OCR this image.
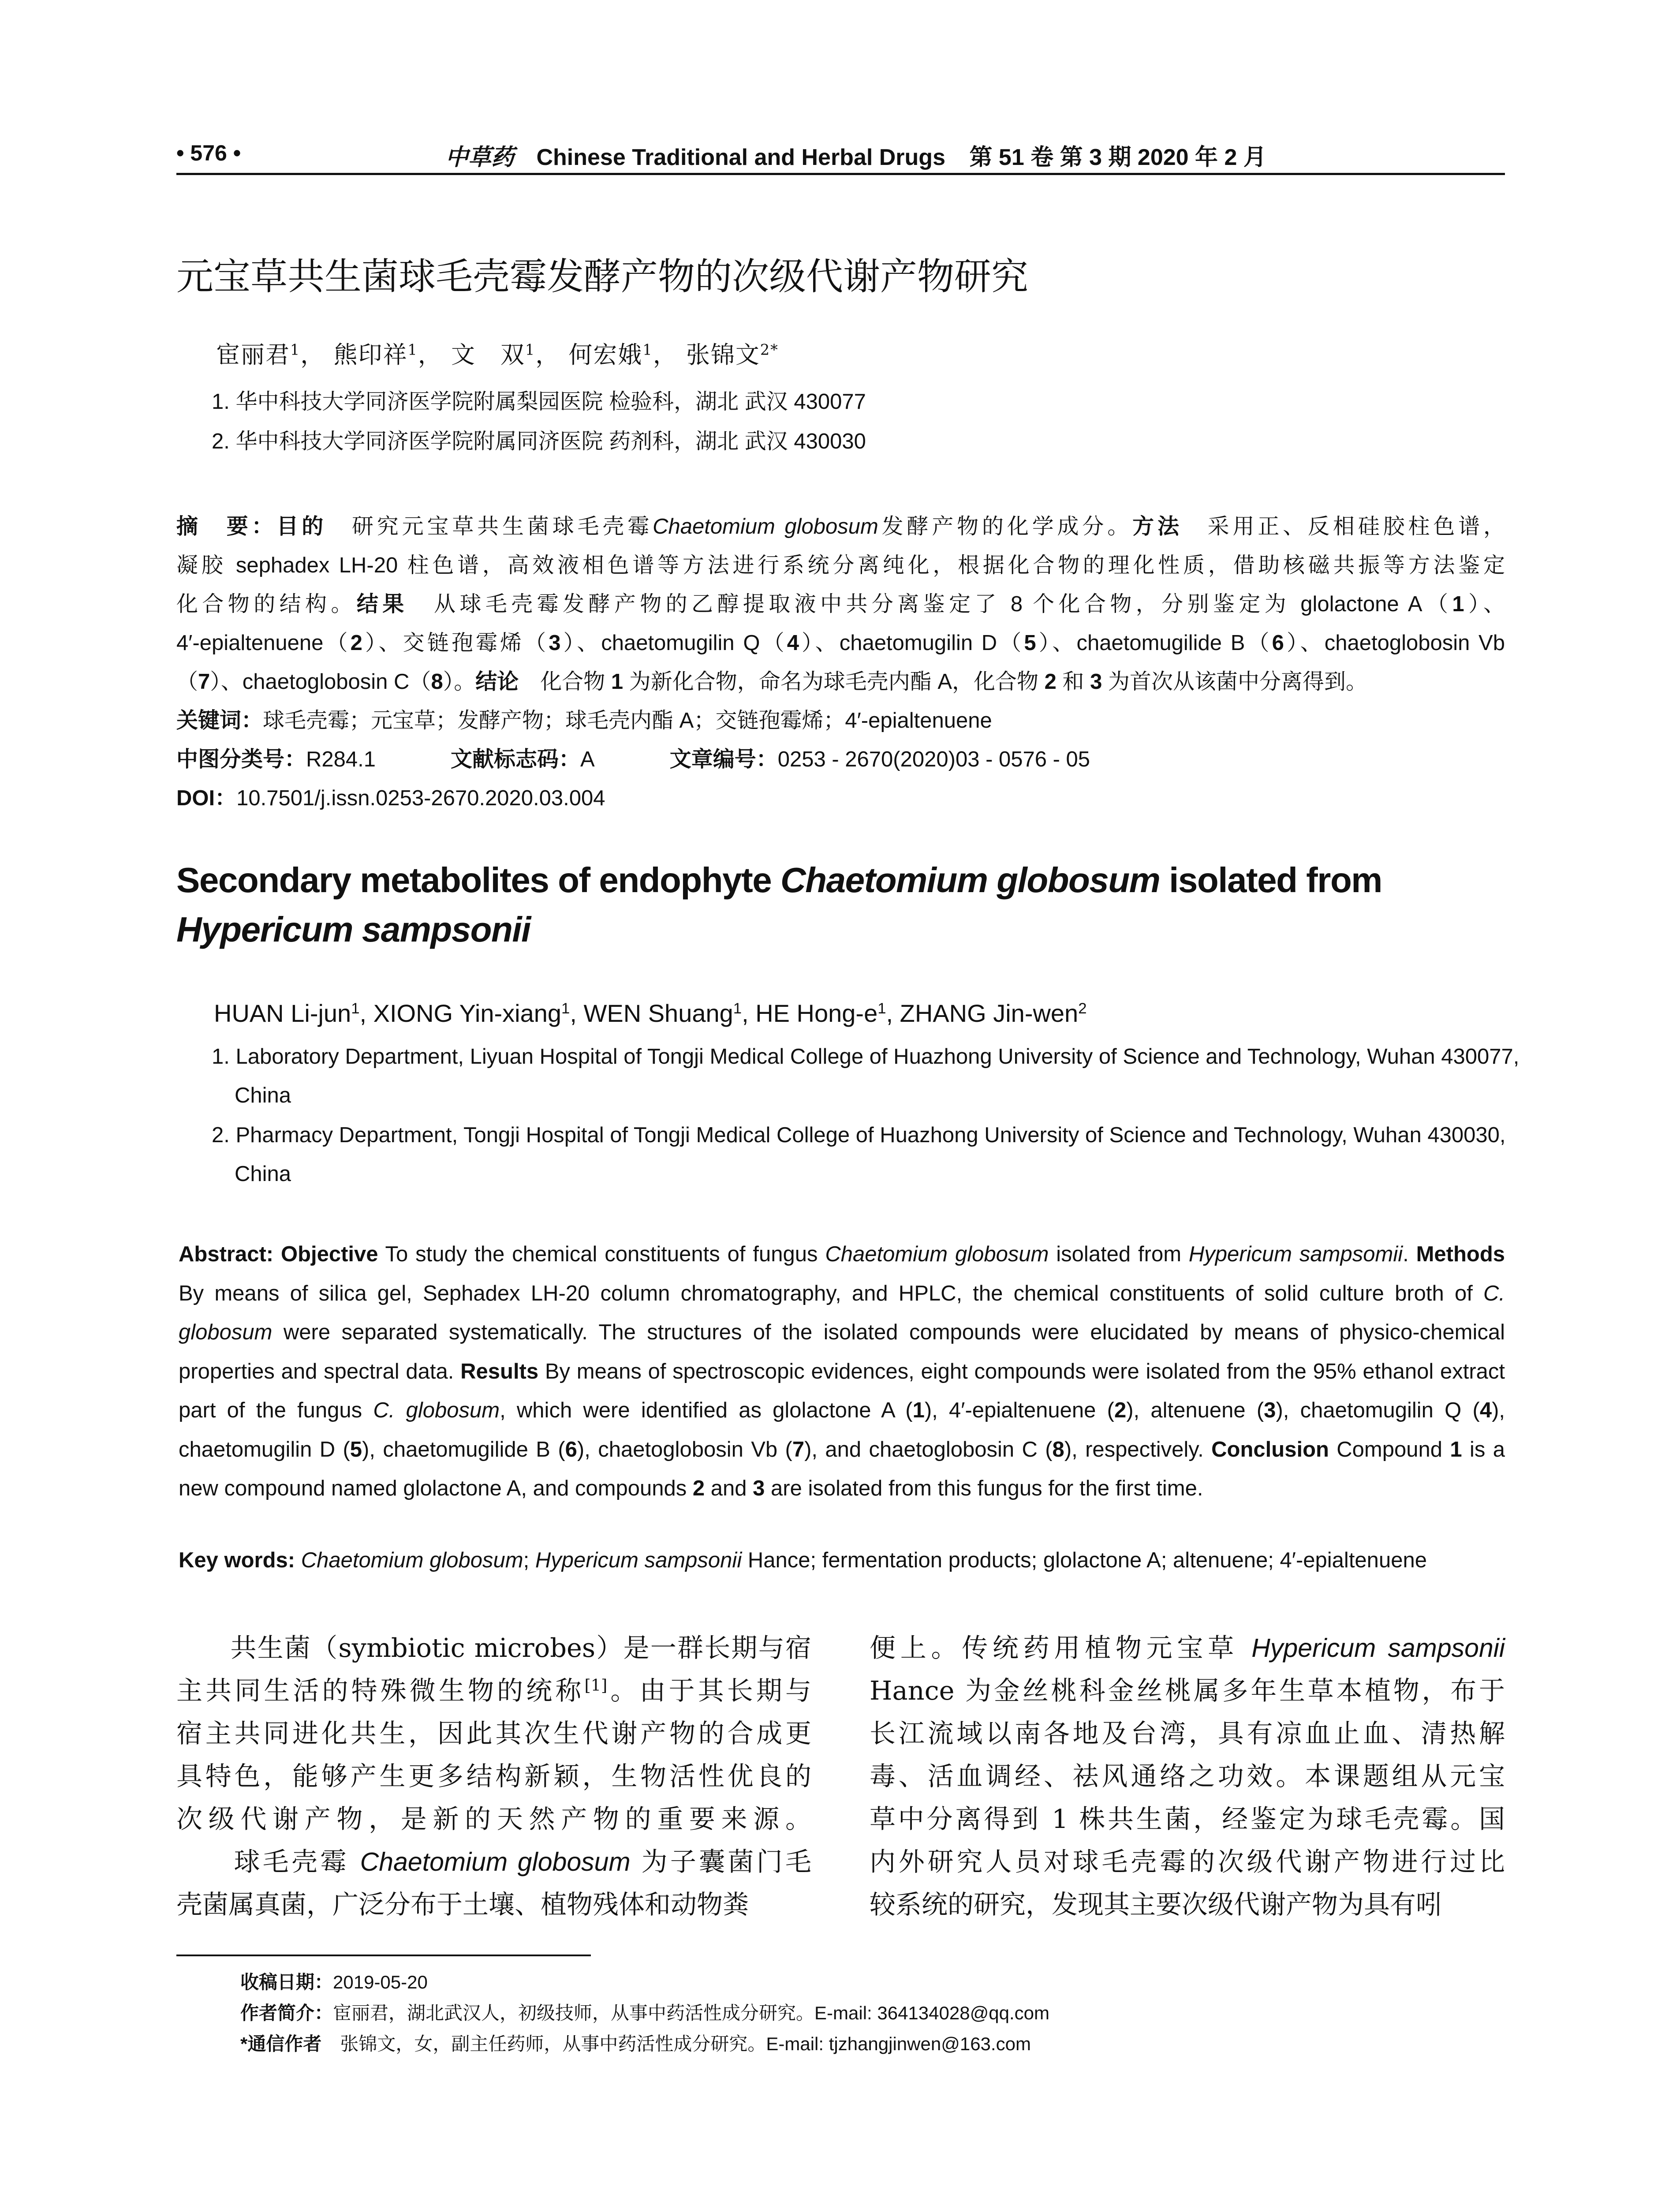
• 576 •	中草药 Chinese Traditional and Herbal Drugs 第 51 卷 第 3 期 2020 年 2 月
元宝草共生菌球毛壳霉发酵产物的次级代谢产物研究
宦丽君$^1$， 熊印祥$^1$， 文　双$^1$， 何宏娥$^1$， 张锦文$^{2*}$
1. 华中科技大学同济医学院附属梨园医院 检验科，湖北 武汉 430077
2. 华中科技大学同济医学院附属同济医院 药剂科，湖北 武汉 430030
摘　要：目的　研究元宝草共生菌球毛壳霉Chaetomium globosum发酵产物的化学成分。方法　采用正、反相硅胶柱色谱，
凝胶 sephadex LH-20 柱色谱，高效液相色谱等方法进行系统分离纯化，根据化合物的理化性质，借助核磁共振等方法鉴定
化合物的结构。结果　从球毛壳霉发酵产物的乙醇提取液中共分离鉴定了 8 个化合物，分别鉴定为 glolactone A（1）、
4′-epialtenuene（2）、交链孢霉烯（3）、chaetomugilin Q（4）、chaetomugilin D（5）、chaetomugilide B（6）、chaetoglobosin Vb
（7）、chaetoglobosin C（8）。结论　化合物 1 为新化合物，命名为球毛壳内酯 A，化合物 2 和 3 为首次从该菌中分离得到。
关键词：球毛壳霉；元宝草；发酵产物；球毛壳内酯 A；交链孢霉烯；4′-epialtenuene
中图分类号：R284.1	文献标志码：A	文章编号：0253 - 2670(2020)03 - 0576 - 05
DOI：10.7501/j.issn.0253-2670.2020.03.004
Secondary metabolites of endophyte Chaetomium globosum isolated from
Hypericum sampsonii
HUAN Li-jun$^1$, XIONG Yin-xiang$^1$, WEN Shuang$^1$, HE Hong-$e^1$, ZHANG Jin-wen$^2$
1. Laboratory Department, Liyuan Hospital of Tongji Medical College of Huazhong University of Science and Technology, Wuhan 430077, China
2. Pharmacy Department, Tongji Hospital of Tongji Medical College of Huazhong University of Science and Technology, Wuhan 430030, China
Abstract: Objective To study the chemical constituents of fungus Chaetomium globosum isolated from Hypericum sampsomii. Methods By means of silica gel, Sephadex LH-20 column chromatography, and HPLC, the chemical constituents of solid culture broth of C. globosum were separated systematically. The structures of the isolated compounds were elucidated by means of physico-chemical properties and spectral data. Results By means of spectroscopic evidences, eight compounds were isolated from the 95% ethanol extract part of the fungus C. globosum, which were identified as glolactone A (1), 4′-epialtenuene (2), altenuene (3), chaetomugilin Q (4), chaetomugilin D (5), chaetomugilide B (6), chaetoglobosin Vb (7), and chaetoglobosin C (8), respectively. Conclusion Compound 1 is a new compound named glolactone A, and compounds 2 and 3 are isolated from this fungus for the first time.
Key words: Chaetomium globosum; Hypericum sampsonii Hance; fermentation products; glolactone A; altenuene; 4′-epialtenuene
　　共生菌（symbiotic microbes）是一群长期与宿
主共同生活的特殊微生物的统称[1]。由于其长期与
宿主共同进化共生，因此其次生代谢产物的合成更
具特色，能够产生更多结构新颖，生物活性优良的
次级代谢产物，是新的天然产物的重要来源。
　　球毛壳霉 Chaetomium globosum 为子囊菌门毛
壳菌属真菌，广泛分布于土壤、植物残体和动物粪
便上。传统药用植物元宝草 Hypericum sampsonii
Hance 为金丝桃科金丝桃属多年生草本植物，布于
长江流域以南各地及台湾，具有凉血止血、清热解
毒、活血调经、祛风通络之功效。本课题组从元宝
草中分离得到 1 株共生菌，经鉴定为球毛壳霉。国
内外研究人员对球毛壳霉的次级代谢产物进行过比
较系统的研究，发现其主要次级代谢产物为具有吲
收稿日期：2019-05-20
作者简介：宦丽君，湖北武汉人，初级技师，从事中药活性成分研究。E-mail: 364134028@qq.com
*通信作者　张锦文，女，副主任药师，从事中药活性成分研究。E-mail: tjzhangjinwen@163.com
